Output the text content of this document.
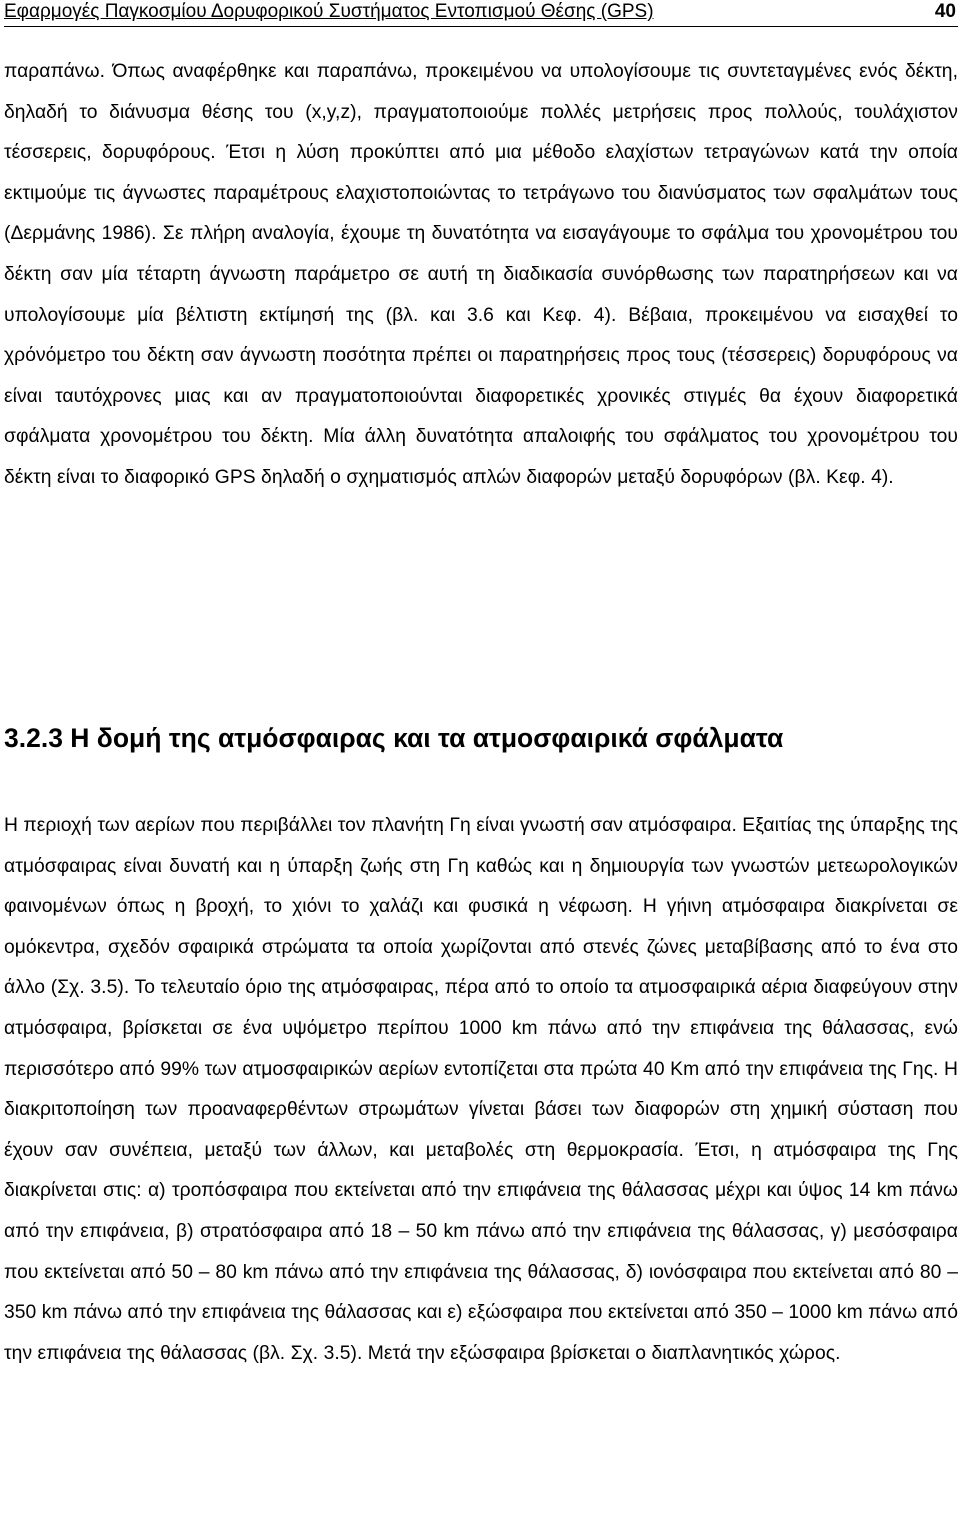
Εφαρμογές Παγκοσμίου Δορυφορικού Συστήματος Εντοπισμού Θέσης (GPS)	40

παραπάνω. Όπως αναφέρθηκε και παραπάνω, προκειμένου να υπολογίσουμε τις συντεταγμένες ενός δέκτη, δηλαδή το διάνυσμα θέσης του (x,y,z), πραγματοποιούμε πολλές μετρήσεις προς πολλούς, τουλάχιστον τέσσερεις, δορυφόρους. Έτσι η λύση προκύπτει από μια μέθοδο ελαχίστων τετραγώνων κατά την οποία εκτιμούμε τις άγνωστες παραμέτρους ελαχιστοποιώντας το τετράγωνο του διανύσματος των σφαλμάτων τους (Δερμάνης 1986). Σε πλήρη αναλογία, έχουμε τη δυνατότητα να εισαγάγουμε το σφάλμα του χρονομέτρου του δέκτη σαν μία τέταρτη άγνωστη παράμετρο σε αυτή τη διαδικασία συνόρθωσης των παρατηρήσεων και να υπολογίσουμε μία βέλτιστη εκτίμησή της (βλ. και 3.6 και Κεφ. 4). Βέβαια, προκειμένου να εισαχθεί το χρόνόμετρο του δέκτη σαν άγνωστη ποσότητα πρέπει οι παρατηρήσεις προς τους (τέσσερεις) δορυφόρους να είναι ταυτόχρονες μιας και αν πραγματοποιούνται διαφορετικές χρονικές στιγμές θα έχουν διαφορετικά σφάλματα χρονομέτρου του δέκτη. Μία άλλη δυνατότητα απαλοιφής του σφάλματος του χρονομέτρου του δέκτη είναι το διαφορικό GPS δηλαδή ο σχηματισμός απλών διαφορών μεταξύ δορυφόρων (βλ. Κεφ. 4).

3.2.3 Η δομή της ατμόσφαιρας και τα ατμοσφαιρικά σφάλματα

Η περιοχή των αερίων που περιβάλλει τον πλανήτη Γη είναι γνωστή σαν ατμόσφαιρα. Εξαιτίας της ύπαρξης της ατμόσφαιρας είναι δυνατή και η ύπαρξη ζωής στη Γη καθώς και η δημιουργία των γνωστών μετεωρολογικών φαινομένων όπως η βροχή, το χιόνι το χαλάζι και φυσικά η νέφωση. Η γήινη ατμόσφαιρα διακρίνεται σε ομόκεντρα, σχεδόν σφαιρικά στρώματα τα οποία χωρίζονται από στενές ζώνες μεταβίβασης από το ένα στο άλλο (Σχ. 3.5). Το τελευταίο όριο της ατμόσφαιρας, πέρα από το οποίο τα ατμοσφαιρικά αέρια διαφεύγουν στην ατμόσφαιρα, βρίσκεται σε ένα υψόμετρο περίπου 1000 km πάνω από την επιφάνεια της θάλασσας, ενώ περισσότερο από 99% των ατμοσφαιρικών αερίων εντοπίζεται στα πρώτα 40 Km από την επιφάνεια της Γης. Η διακριτοποίηση των προαναφερθέντων στρωμάτων γίνεται βάσει των διαφορών στη χημική σύσταση που έχουν σαν συνέπεια, μεταξύ των άλλων, και μεταβολές στη θερμοκρασία. Έτσι, η ατμόσφαιρα της Γης διακρίνεται στις: α) τροπόσφαιρα που εκτείνεται από την επιφάνεια της θάλασσας μέχρι και ύψος 14 km πάνω από την επιφάνεια, β) στρατόσφαιρα από 18 – 50 km πάνω από την επιφάνεια της θάλασσας, γ) μεσόσφαιρα που εκτείνεται από 50 – 80 km πάνω από την επιφάνεια της θάλασσας, δ) ιονόσφαιρα που εκτείνεται από 80 – 350 km πάνω από την επιφάνεια της θάλασσας και ε) εξώσφαιρα που εκτείνεται από 350 – 1000 km πάνω από την επιφάνεια της θάλασσας (βλ. Σχ. 3.5). Μετά την εξώσφαιρα βρίσκεται ο διαπλανητικός χώρος.
